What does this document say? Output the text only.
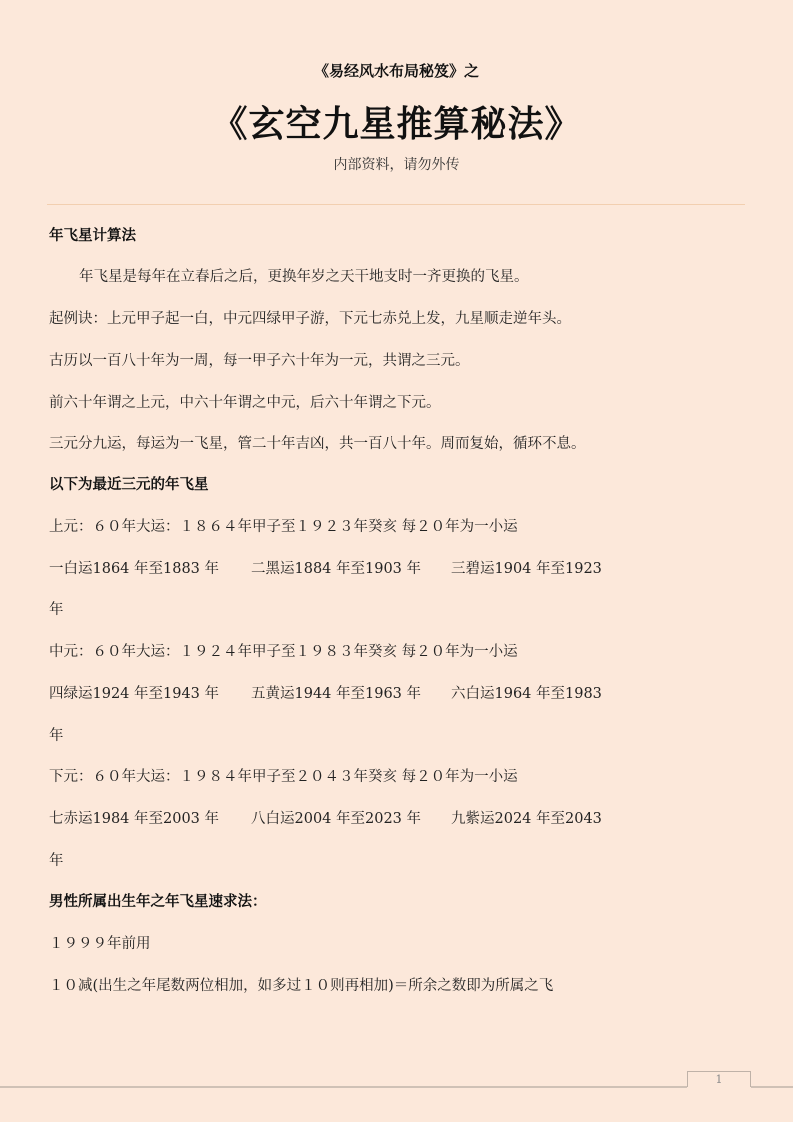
《易经风水布局秘笈》之
《玄空九星推算秘法》
内部资料，请勿外传
年飞星计算法
年飞星是每年在立春后之后，更换年岁之天干地支时一齐更换的飞星。
起例诀：上元甲子起一白，中元四绿甲子游，下元七赤兑上发，九星顺走逆年头。
古历以一百八十年为一周，每一甲子六十年为一元，共谓之三元。
前六十年谓之上元，中六十年谓之中元，后六十年谓之下元。
三元分九运，每运为一飞星，管二十年吉凶，共一百八十年。周而复始，循环不息。
以下为最近三元的年飞星
上元：６０年大运：１８６４年甲子至１９２３年癸亥 每２０年为一小运
一白运1864 年至1883 年 二黑运1884 年至1903 年 三碧运1904 年至1923
年
中元：６０年大运：１９２４年甲子至１９８３年癸亥 每２０年为一小运
四绿运1924 年至1943 年 五黄运1944 年至1963 年 六白运1964 年至1983
年
下元：６０年大运：１９８４年甲子至２０４３年癸亥 每２０年为一小运
七赤运1984 年至2003 年 八白运2004 年至2023 年 九紫运2024 年至2043
年
男性所属出生年之年飞星速求法：
１９９９年前用
１０减(出生之年尾数两位相加，如多过１０则再相加)＝所余之数即为所属之飞
1
